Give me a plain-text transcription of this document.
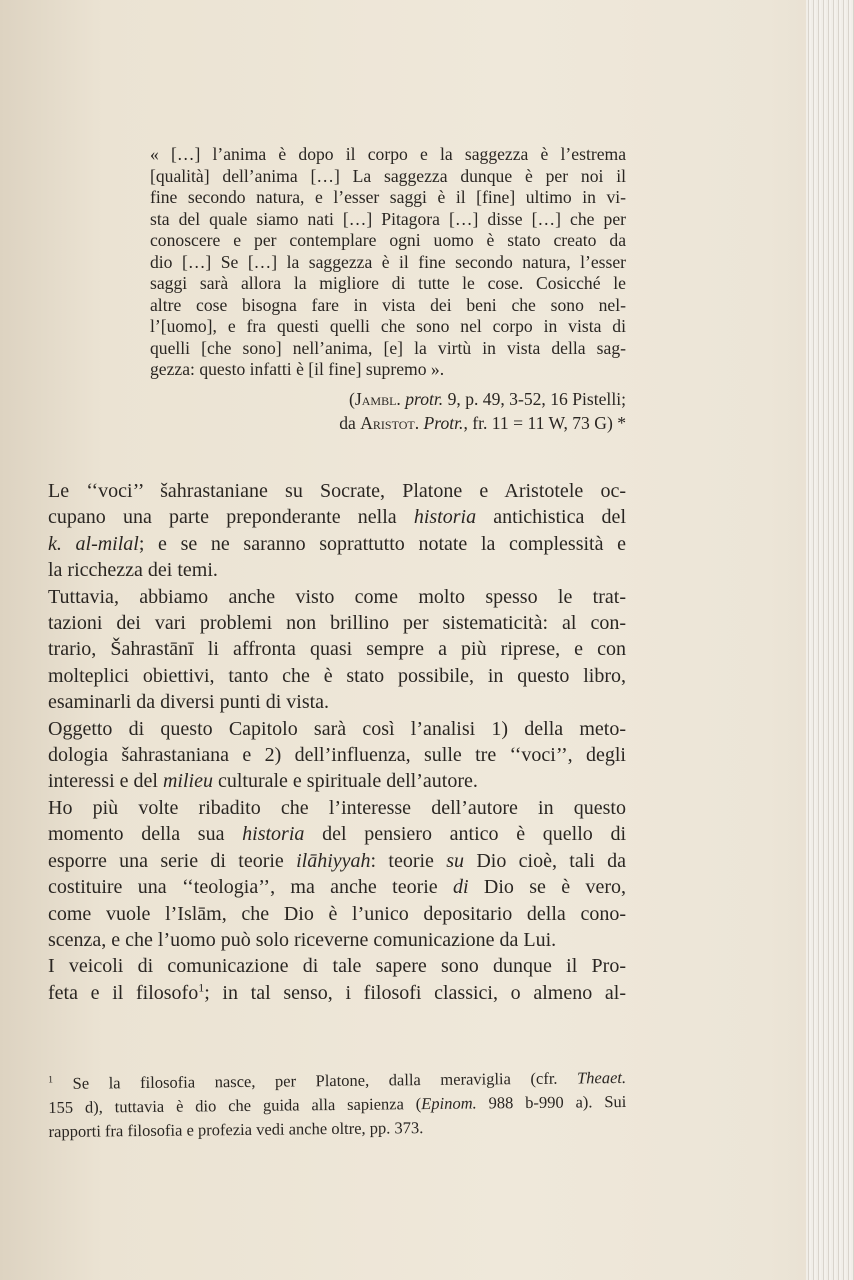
« […] l’anima è dopo il corpo e la saggezza è l’estrema
[qualità] dell’anima […] La saggezza dunque è per noi il
fine secondo natura, e l’esser saggi è il [fine] ultimo in vi-
sta del quale siamo nati […] Pitagora […] disse […] che per
conoscere e per contemplare ogni uomo è stato creato da
dio […] Se […] la saggezza è il fine secondo natura, l’esser
saggi sarà allora la migliore di tutte le cose. Cosicché le
altre cose bisogna fare in vista dei beni che sono nel-
l’[uomo], e fra questi quelli che sono nel corpo in vista di
quelli [che sono] nell’anima, [e] la virtù in vista della sag-
gezza: questo infatti è [il fine] supremo ».
(Jambl. protr. 9, p. 49, 3-52, 16 Pistelli;
da Aristot. Protr., fr. 11 = 11 W, 73 G) *
Le ‘‘voci’’ šahrastaniane su Socrate, Platone e Aristotele oc-
cupano una parte preponderante nella historia antichistica del
k. al-milal; e se ne saranno soprattutto notate la complessità e
la ricchezza dei temi.
Tuttavia, abbiamo anche visto come molto spesso le trat-
tazioni dei vari problemi non brillino per sistematicità: al con-
trario, Šahrastānī li affronta quasi sempre a più riprese, e con
molteplici obiettivi, tanto che è stato possibile, in questo libro,
esaminarli da diversi punti di vista.
Oggetto di questo Capitolo sarà così l’analisi 1) della meto-
dologia šahrastaniana e 2) dell’influenza, sulle tre ‘‘voci’’, degli
interessi e del milieu culturale e spirituale dell’autore.
Ho più volte ribadito che l’interesse dell’autore in questo
momento della sua historia del pensiero antico è quello di
esporre una serie di teorie ilāhiyyah: teorie su Dio cioè, tali da
costituire una ‘‘teologia’’, ma anche teorie di Dio se è vero,
come vuole l’Islām, che Dio è l’unico depositario della cono-
scenza, e che l’uomo può solo riceverne comunicazione da Lui.
I veicoli di comunicazione di tale sapere sono dunque il Pro-
feta e il filosofo$^1$; in tal senso, i filosofi classici, o almeno al-
$^1$ Se la filosofia nasce, per Platone, dalla meraviglia (cfr. Theaet.
155 d), tuttavia è dio che guida alla sapienza (Epinom. 988 b-990 a). Sui
rapporti fra filosofia e profezia vedi anche oltre, pp. 373.
